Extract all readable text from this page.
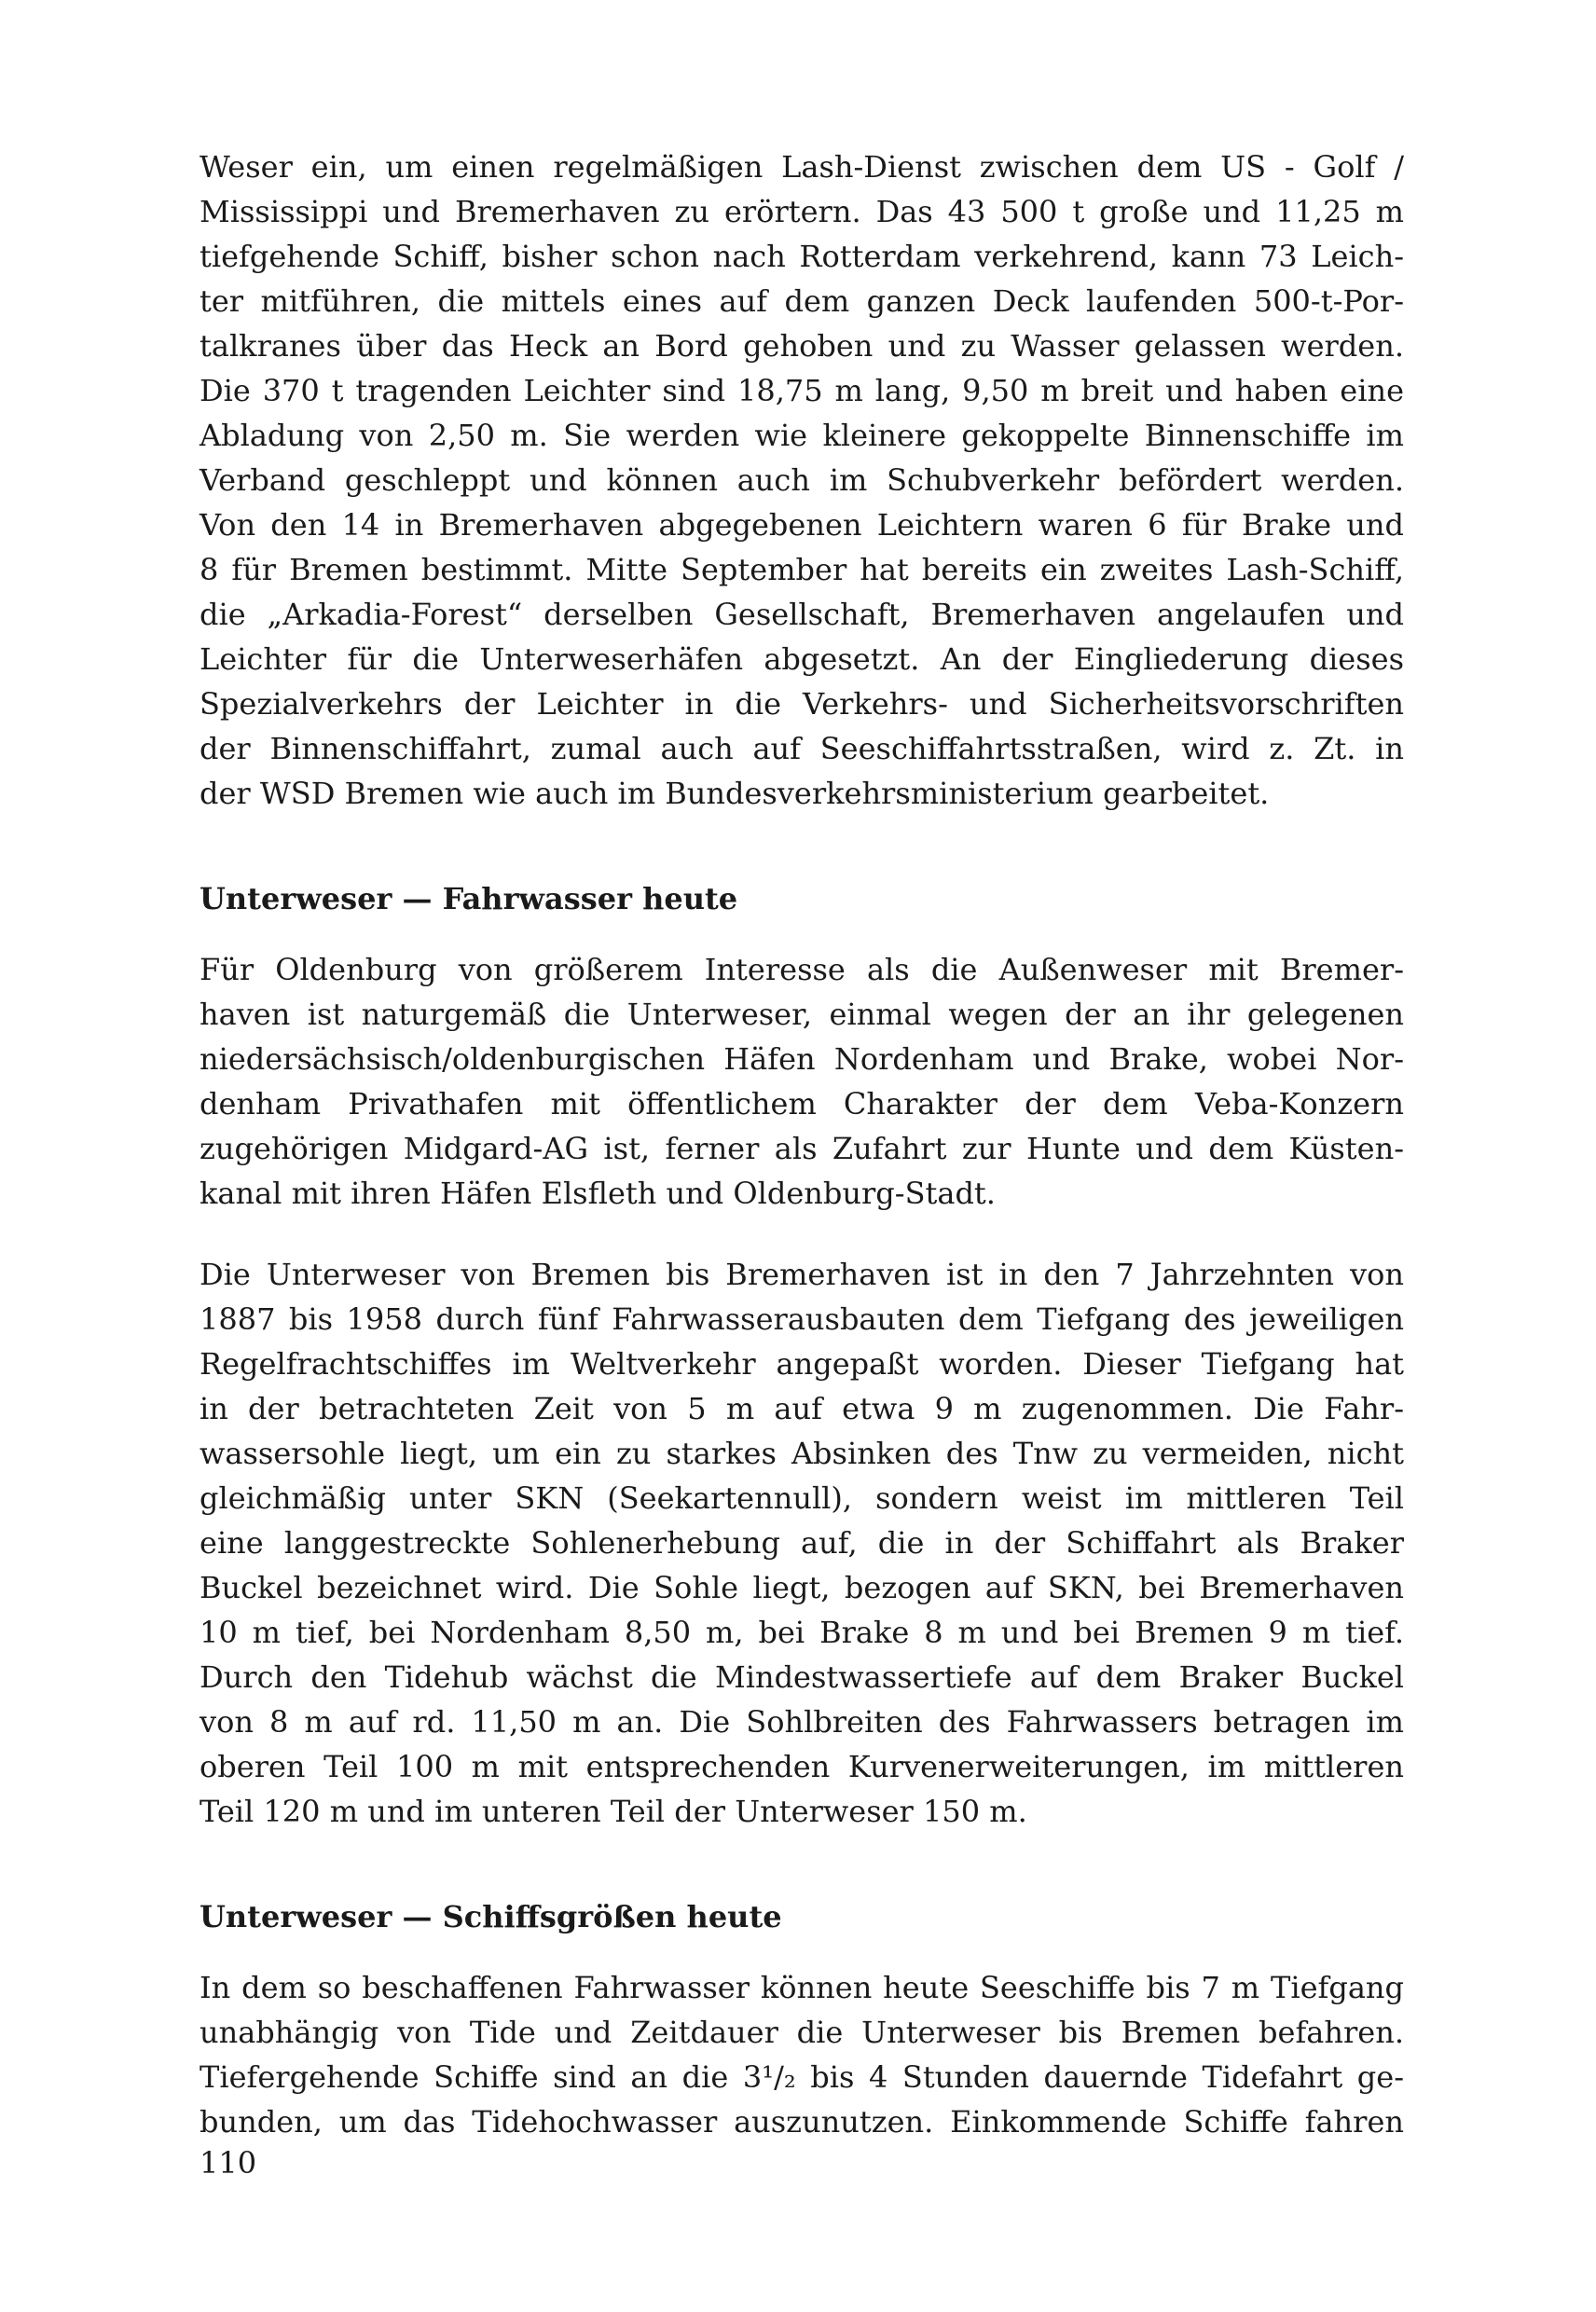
Weser ein, um einen regelmäßigen Lash-Dienst zwischen dem US - Golf /
Mississippi und Bremerhaven zu erörtern. Das 43 500 t große und 11,25 m
tiefgehende Schiff, bisher schon nach Rotterdam verkehrend, kann 73 Leich-
ter mitführen, die mittels eines auf dem ganzen Deck laufenden 500-t-Por-
talkranes über das Heck an Bord gehoben und zu Wasser gelassen werden.
Die 370 t tragenden Leichter sind 18,75 m lang, 9,50 m breit und haben eine
Abladung von 2,50 m. Sie werden wie kleinere gekoppelte Binnenschiffe im
Verband geschleppt und können auch im Schubverkehr befördert werden.
Von den 14 in Bremerhaven abgegebenen Leichtern waren 6 für Brake und
8 für Bremen bestimmt. Mitte September hat bereits ein zweites Lash-Schiff,
die „Arkadia-Forest“ derselben Gesellschaft, Bremerhaven angelaufen und
Leichter für die Unterweserhäfen abgesetzt. An der Eingliederung dieses
Spezialverkehrs der Leichter in die Verkehrs- und Sicherheitsvorschriften
der Binnenschiffahrt, zumal auch auf Seeschiffahrtsstraßen, wird z. Zt. in
der WSD Bremen wie auch im Bundesverkehrsministerium gearbeitet.
Unterweser — Fahrwasser heute
Für Oldenburg von größerem Interesse als die Außenweser mit Bremer-
haven ist naturgemäß die Unterweser, einmal wegen der an ihr gelegenen
niedersächsisch/oldenburgischen Häfen Nordenham und Brake, wobei Nor-
denham Privathafen mit öffentlichem Charakter der dem Veba-Konzern
zugehörigen Midgard-AG ist, ferner als Zufahrt zur Hunte und dem Küsten-
kanal mit ihren Häfen Elsfleth und Oldenburg-Stadt.
Die Unterweser von Bremen bis Bremerhaven ist in den 7 Jahrzehnten von
1887 bis 1958 durch fünf Fahrwasserausbauten dem Tiefgang des jeweiligen
Regelfrachtschiffes im Weltverkehr angepaßt worden. Dieser Tiefgang hat
in der betrachteten Zeit von 5 m auf etwa 9 m zugenommen. Die Fahr-
wassersohle liegt, um ein zu starkes Absinken des Tnw zu vermeiden, nicht
gleichmäßig unter SKN (Seekartennull), sondern weist im mittleren Teil
eine langgestreckte Sohlenerhebung auf, die in der Schiffahrt als Braker
Buckel bezeichnet wird. Die Sohle liegt, bezogen auf SKN, bei Bremerhaven
10 m tief, bei Nordenham 8,50 m, bei Brake 8 m und bei Bremen 9 m tief.
Durch den Tidehub wächst die Mindestwassertiefe auf dem Braker Buckel
von 8 m auf rd. 11,50 m an. Die Sohlbreiten des Fahrwassers betragen im
oberen Teil 100 m mit entsprechenden Kurvenerweiterungen, im mittleren
Teil 120 m und im unteren Teil der Unterweser 150 m.
Unterweser — Schiffsgrößen heute
In dem so beschaffenen Fahrwasser können heute Seeschiffe bis 7 m Tiefgang
unabhängig von Tide und Zeitdauer die Unterweser bis Bremen befahren.
Tiefergehende Schiffe sind an die 3¹/₂ bis 4 Stunden dauernde Tidefahrt ge-
bunden, um das Tidehochwasser auszunutzen. Einkommende Schiffe fahren
110
